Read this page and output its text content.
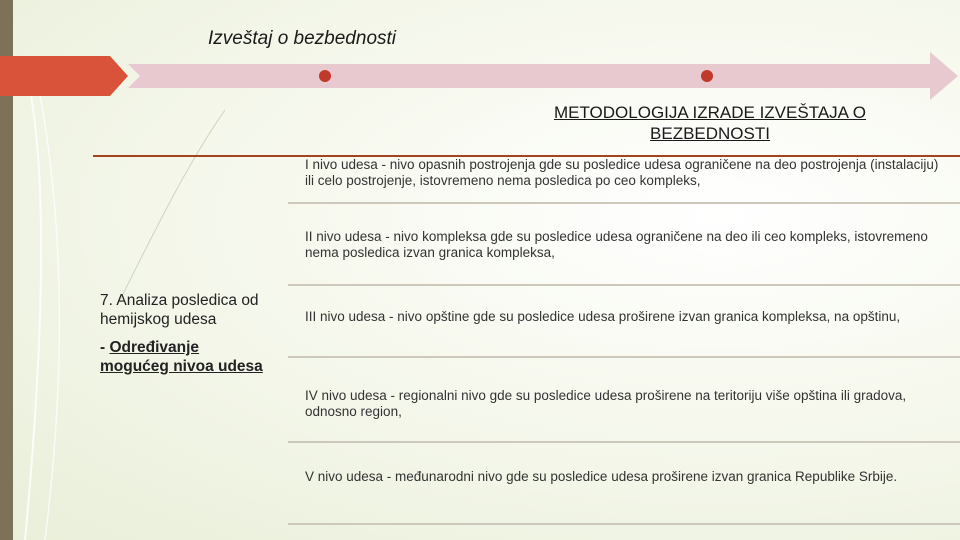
Izveštaj o bezbednosti
METODOLOGIJA IZRADE IZVEŠTAJA O BEZBEDNOSTI
7. Analiza posledica od hemijskog udesa
- Određivanje mogućeg nivoa udesa
I nivo udesa - nivo opasnih postrojenja gde su posledice udesa ograničene na deo postrojenja (instalaciju) ili celo postrojenje, istovremeno nema posledica po ceo kompleks,
II nivo udesa - nivo kompleksa gde su posledice udesa ograničene na deo ili ceo kompleks, istovremeno nema posledica izvan granica kompleksa,
III nivo udesa - nivo opštine gde su posledice udesa proširene izvan granica kompleksa, na opštinu,
IV nivo udesa - regionalni nivo gde su posledice udesa proširene na teritoriju više opština ili gradova, odnosno region,
V nivo udesa - međunarodni nivo gde su posledice udesa proširene izvan granica Republike Srbije.
